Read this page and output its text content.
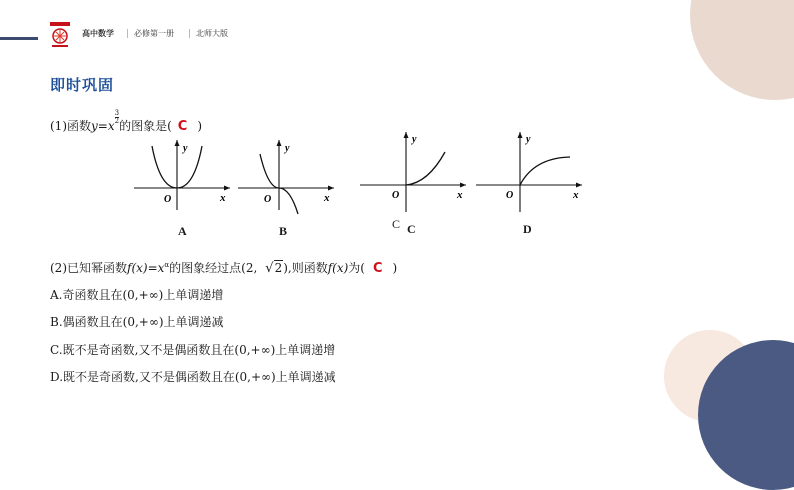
高中数学	必修第一册	北师大版
即时巩固
(1)函数y=x
$\frac{3}{2}$
的图象是( C )
y
x
O
A
y
x
O
B
y
x
O
C C
y
x
O
D
(2)已知幂函数$f(x)=x^\alpha$的图象经过点(2, √2),则函数f(x)为( C )
A.奇函数且在(0,+∞)上单调递增
B.偶函数且在(0,+∞)上单调递减
C.既不是奇函数,又不是偶函数且在(0,+∞)上单调递增
D.既不是奇函数,又不是偶函数且在(0,+∞)上单调递减
